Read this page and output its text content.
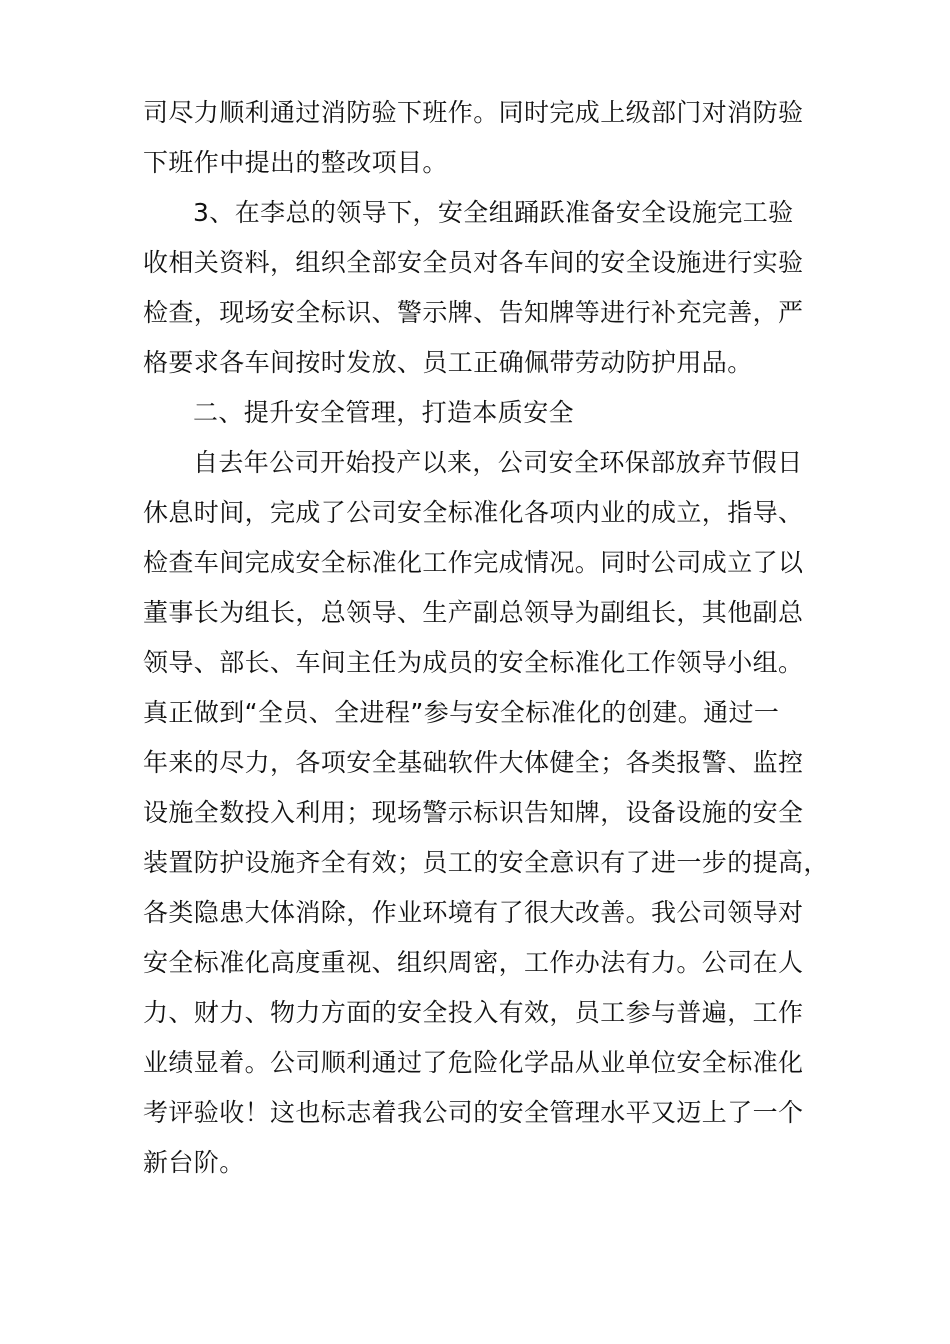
司尽力顺利通过消防验下班作。同时完成上级部门对消防验
下班作中提出的整改项目。
3、在李总的领导下，安全组踊跃准备安全设施完工验
收相关资料，组织全部安全员对各车间的安全设施进行实验
检查，现场安全标识、警示牌、告知牌等进行补充完善，严
格要求各车间按时发放、员工正确佩带劳动防护用品。
二、提升安全管理，打造本质安全
自去年公司开始投产以来，公司安全环保部放弃节假日
休息时间，完成了公司安全标准化各项内业的成立，指导、
检查车间完成安全标准化工作完成情况。同时公司成立了以
董事长为组长，总领导、生产副总领导为副组长，其他副总
领导、部长、车间主任为成员的安全标准化工作领导小组。
真正做到“全员、全进程”参与安全标准化的创建。通过一
年来的尽力，各项安全基础软件大体健全；各类报警、监控
设施全数投入利用；现场警示标识告知牌，设备设施的安全
装置防护设施齐全有效；员工的安全意识有了进一步的提高，
各类隐患大体消除，作业环境有了很大改善。我公司领导对
安全标准化高度重视、组织周密，工作办法有力。公司在人
力、财力、物力方面的安全投入有效，员工参与普遍，工作
业绩显着。公司顺利通过了危险化学品从业单位安全标准化
考评验收！这也标志着我公司的安全管理水平又迈上了一个
新台阶。
